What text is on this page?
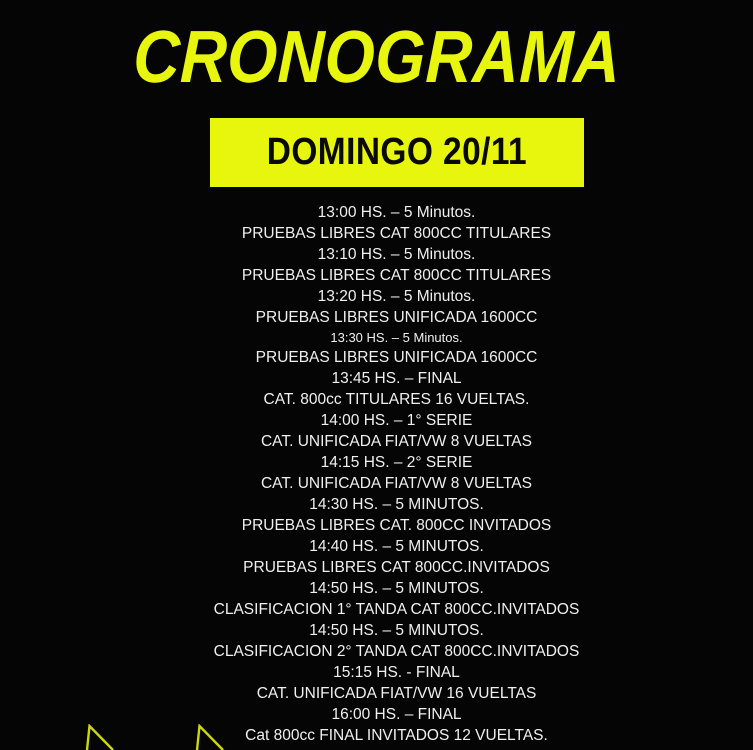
CRONOGRAMA
DOMINGO 20/11
13:00 HS. – 5 Minutos.
PRUEBAS LIBRES CAT 800CC TITULARES
13:10 HS. – 5 Minutos.
PRUEBAS LIBRES CAT 800CC TITULARES
13:20 HS. – 5 Minutos.
PRUEBAS LIBRES UNIFICADA 1600CC
13:30 HS. – 5 Minutos.
PRUEBAS LIBRES UNIFICADA 1600CC
13:45 HS. – FINAL
CAT. 800cc TITULARES 16 VUELTAS.
14:00 HS. – 1° SERIE
CAT. UNIFICADA FIAT/VW 8 VUELTAS
14:15 HS. – 2° SERIE
CAT. UNIFICADA FIAT/VW 8 VUELTAS
14:30 HS. – 5 MINUTOS.
PRUEBAS LIBRES CAT. 800CC INVITADOS
14:40 HS. – 5 MINUTOS.
PRUEBAS LIBRES CAT 800CC.INVITADOS
14:50 HS. – 5 MINUTOS.
CLASIFICACION 1° TANDA CAT 800CC.INVITADOS
14:50 HS. – 5 MINUTOS.
CLASIFICACION 2° TANDA CAT 800CC.INVITADOS
15:15 HS. - FINAL
CAT. UNIFICADA FIAT/VW 16 VUELTAS
16:00 HS. – FINAL
Cat 800cc FINAL INVITADOS 12 VUELTAS.
